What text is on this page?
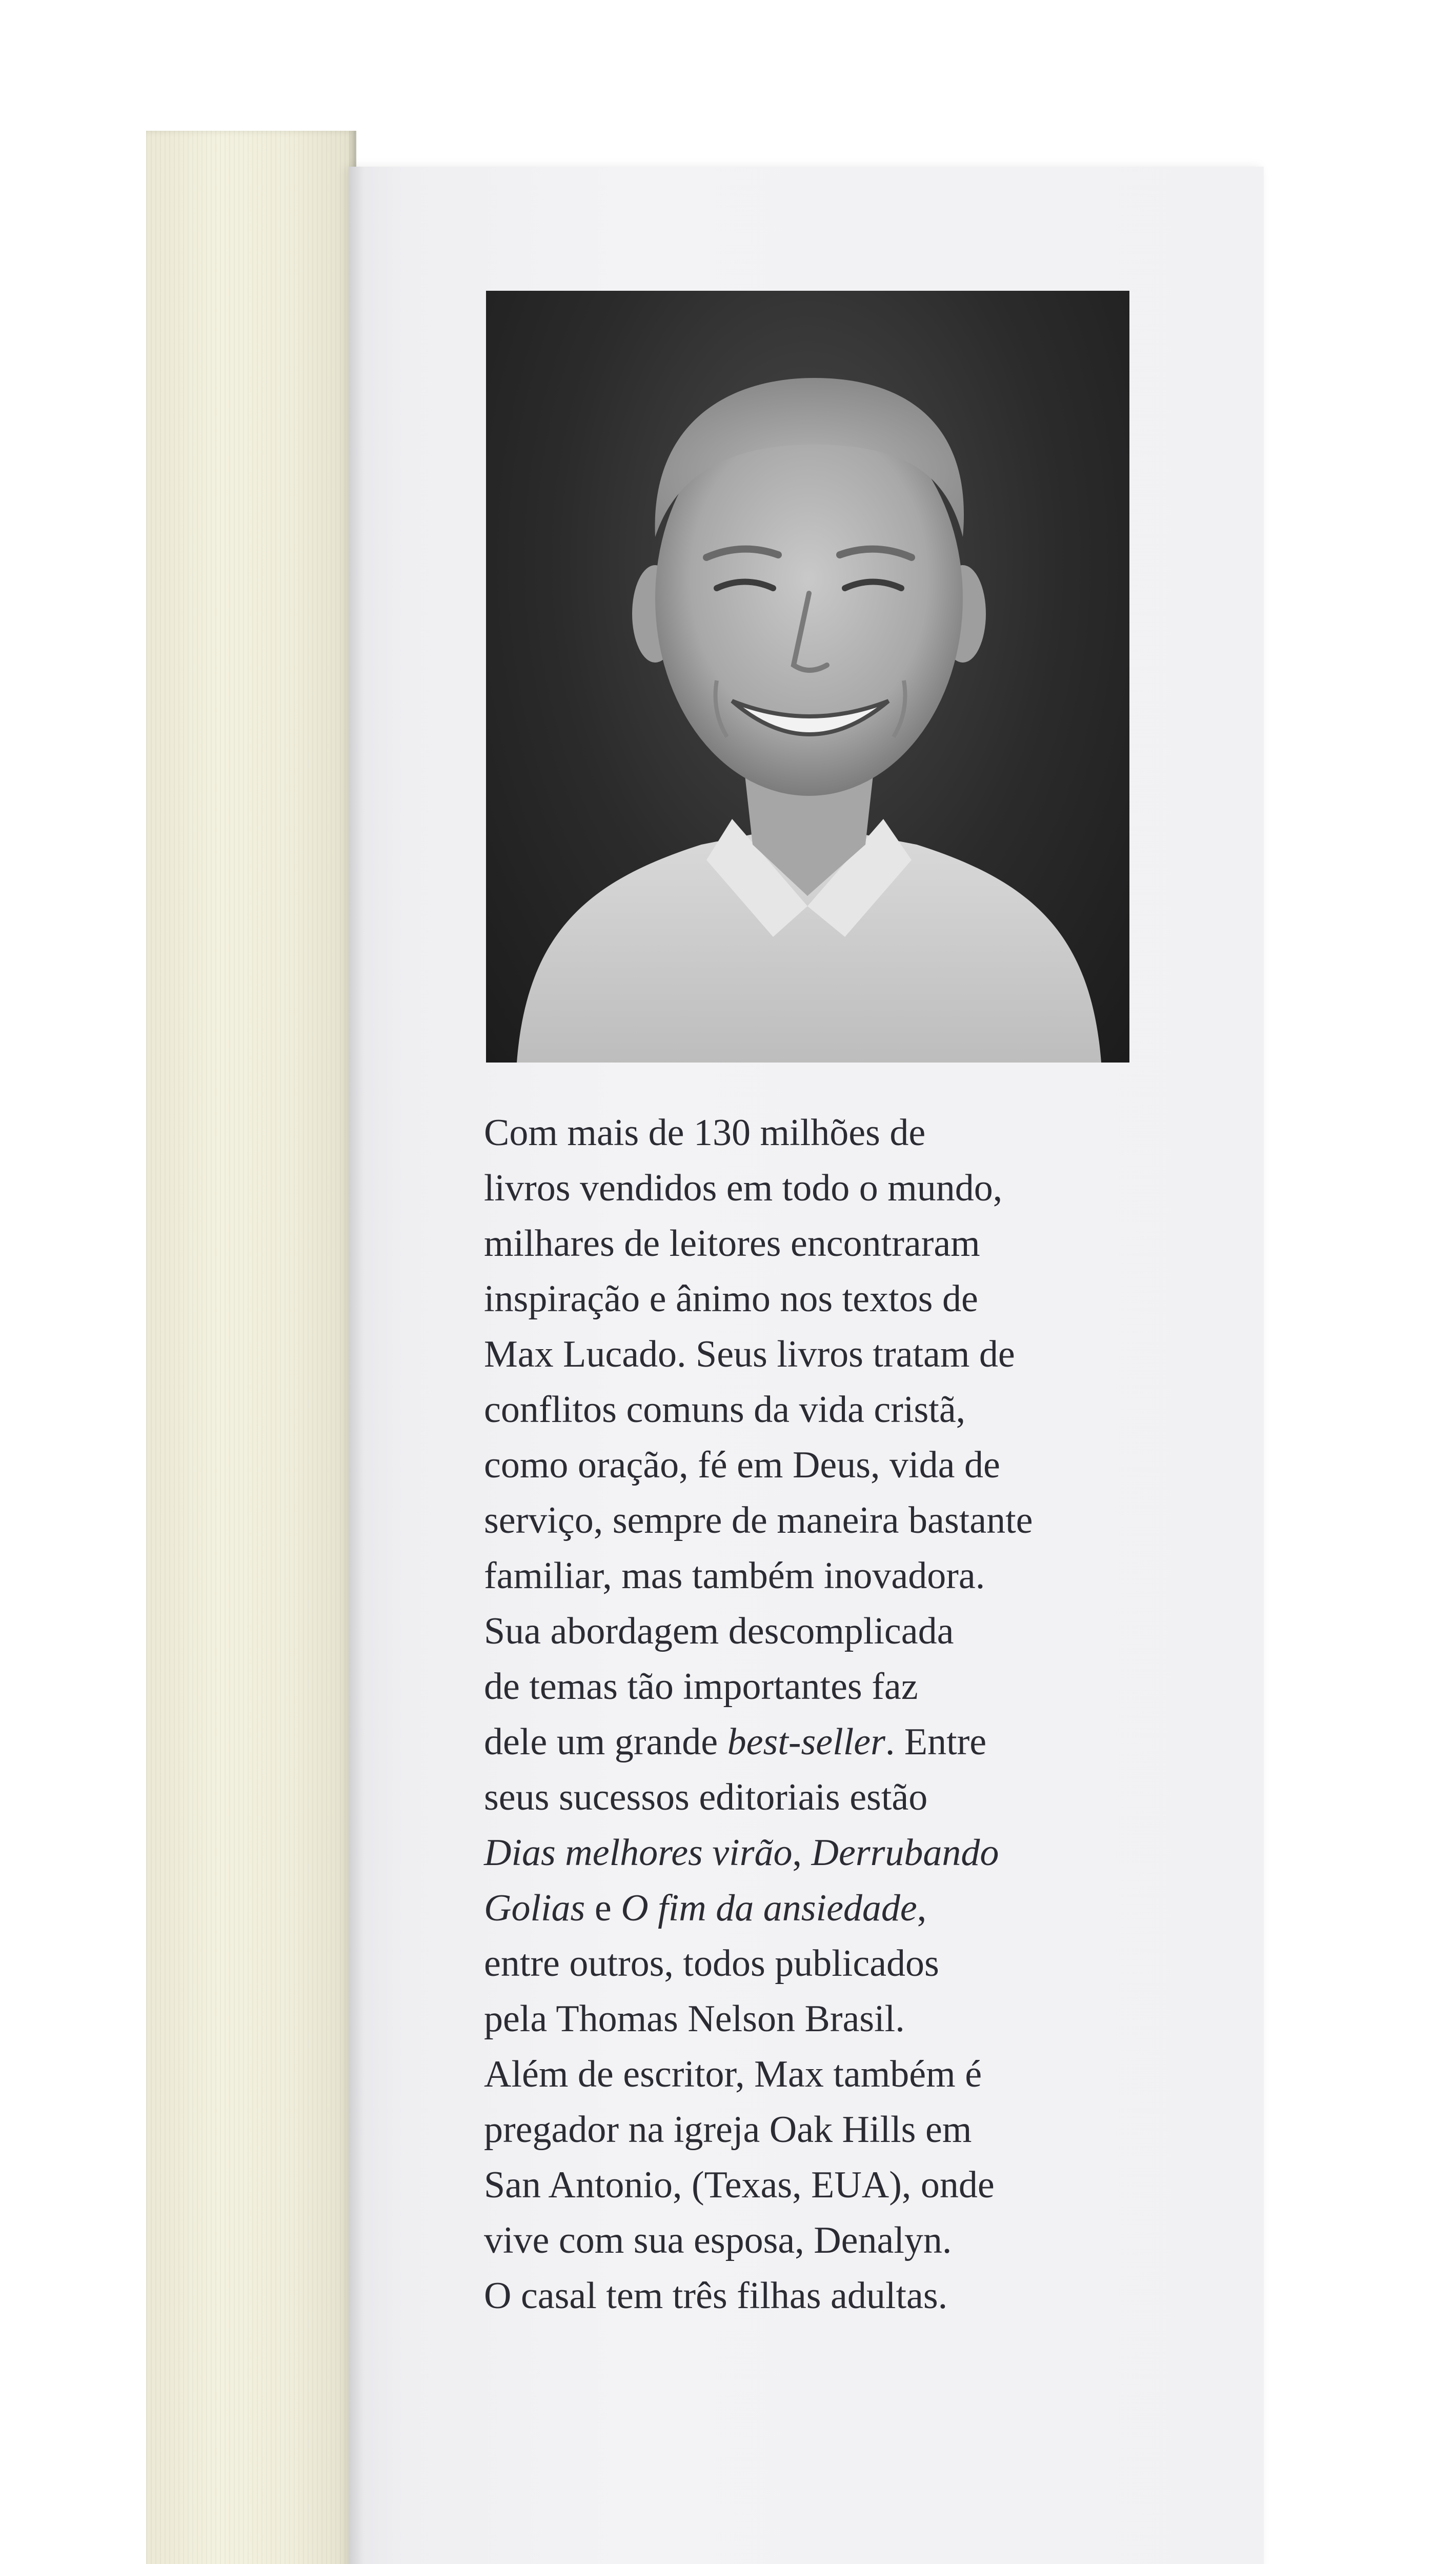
Com mais de 130 milhões de
livros vendidos em todo o mundo,
milhares de leitores encontraram
inspiração e ânimo nos textos de
Max Lucado. Seus livros tratam de
conflitos comuns da vida cristã,
como oração, fé em Deus, vida de
serviço, sempre de maneira bastante
familiar, mas também inovadora.
Sua abordagem descomplicada
de temas tão importantes faz
dele um grande best-seller. Entre
seus sucessos editoriais estão
Dias melhores virão, Derrubando
Golias e O fim da ansiedade,
entre outros, todos publicados
pela Thomas Nelson Brasil.
Além de escritor, Max também é
pregador na igreja Oak Hills em
San Antonio, (Texas, EUA), onde
vive com sua esposa, Denalyn.
O casal tem três filhas adultas.
